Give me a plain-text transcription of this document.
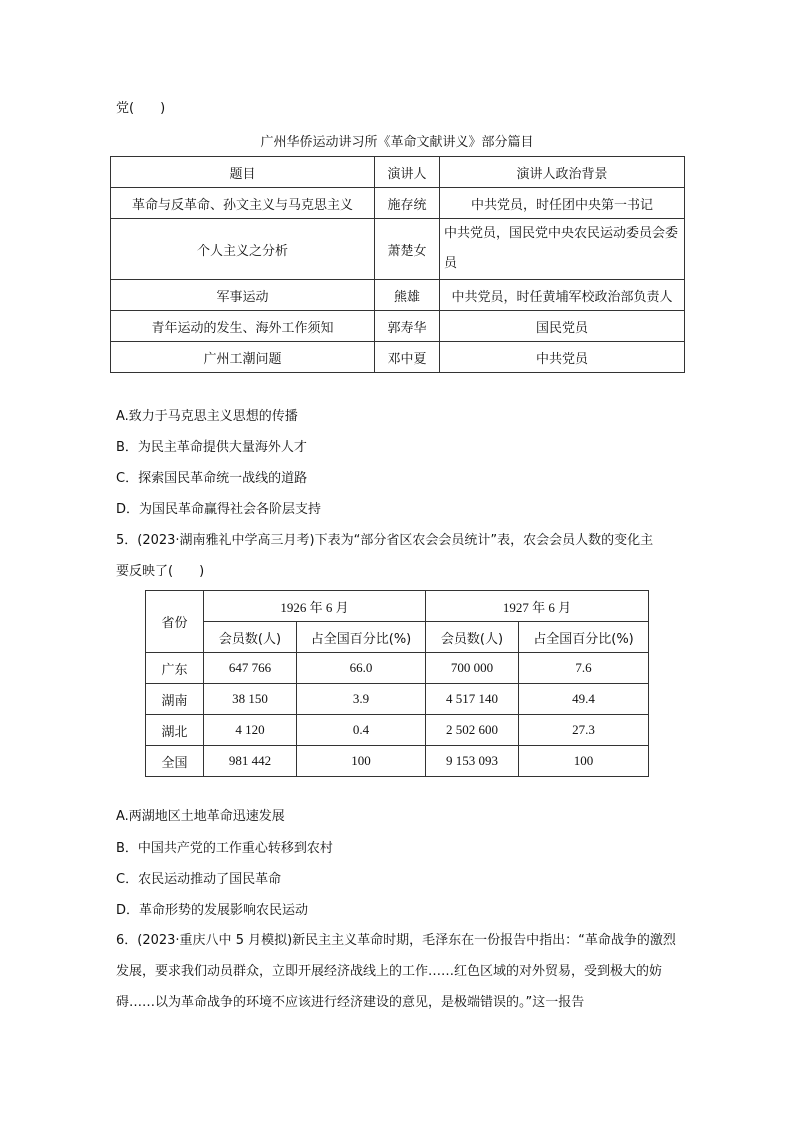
党(　　)
广州华侨运动讲习所《革命文献讲义》部分篇目
题目	演讲人	演讲人政治背景
革命与反革命、孙文主义与马克思主义	施存统	中共党员，时任团中央第一书记
个人主义之分析	萧楚女	中共党员，国民党中央农民运动委员会委员
军事运动	熊雄	中共党员，时任黄埔军校政治部负责人
青年运动的发生、海外工作须知	郭寿华	国民党员
广州工潮问题	邓中夏	中共党员
A.致力于马克思主义思想的传播
B．为民主革命提供大量海外人才
C．探索国民革命统一战线的道路
D．为国民革命赢得社会各阶层支持
5．(2023·湖南雅礼中学高三月考)下表为“部分省区农会会员统计”表，农会会员人数的变化主
要反映了(　　)
省份	1926 年 6 月		1927 年 6 月	
	会员数(人)	占全国百分比(%)	会员数(人)	占全国百分比(%)
广东	647 766	66.0	700 000	7.6
湖南	38 150	3.9	4 517 140	49.4
湖北	4 120	0.4	2 502 600	27.3
全国	981 442	100	9 153 093	100
A.两湖地区土地革命迅速发展
B．中国共产党的工作重心转移到农村
C．农民运动推动了国民革命
D．革命形势的发展影响农民运动
6．(2023·重庆八中 5 月模拟)新民主主义革命时期，毛泽东在一份报告中指出：“革命战争的激烈发展，要求我们动员群众，立即开展经济战线上的工作……红色区域的对外贸易，受到极大的妨碍……以为革命战争的环境不应该进行经济建设的意见，是极端错误的。”这一报告
